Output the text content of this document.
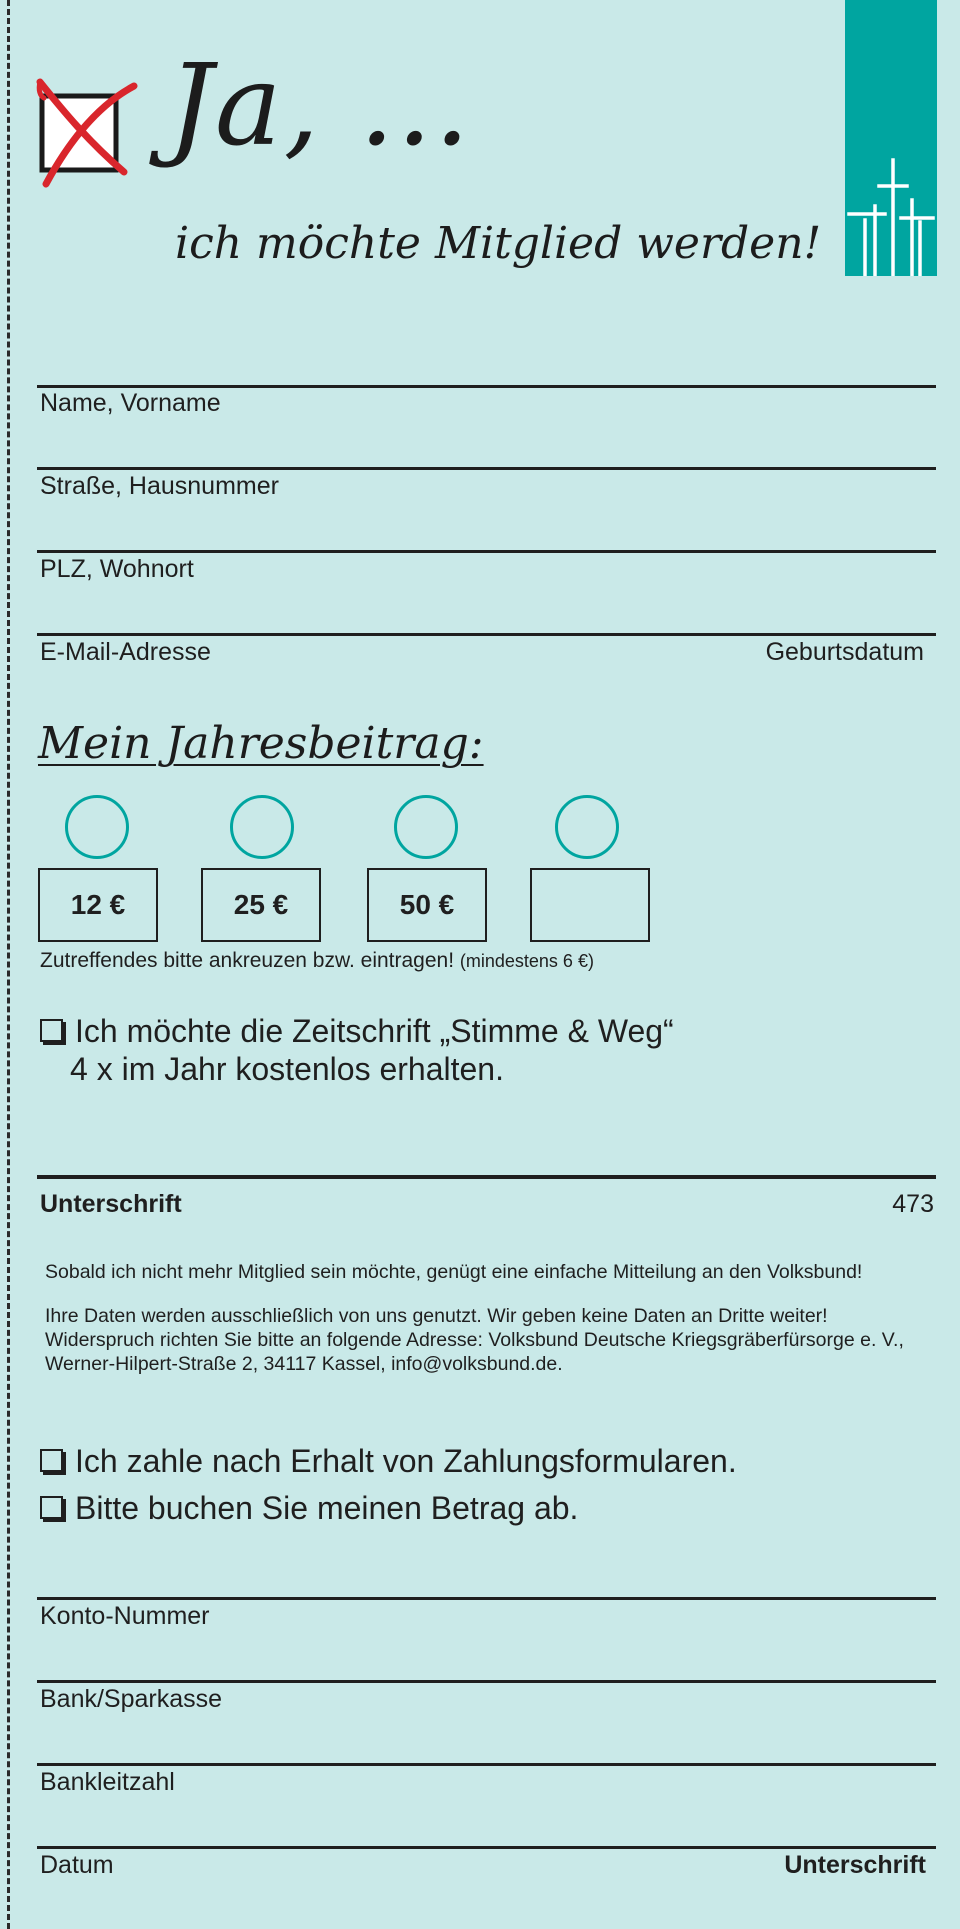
Ja, ...
ich möchte Mitglied werden!
Name, Vorname
Straße, Hausnummer
PLZ, Wohnort
E-Mail-Adresse	Geburtsdatum
Mein Jahresbeitrag:
12 €	25 €	50 €
Zutreffendes bitte ankreuzen bzw. eintragen! (mindestens 6 €)
Ich möchte die Zeitschrift „Stimme & Weg“
4 x im Jahr kostenlos erhalten.
Unterschrift	473
Sobald ich nicht mehr Mitglied sein möchte, genügt eine einfache Mitteilung an den Volksbund!
Ihre Daten werden ausschließlich von uns genutzt. Wir geben keine Daten an Dritte weiter!
Widerspruch richten Sie bitte an folgende Adresse: Volksbund Deutsche Kriegsgräberfürsorge e. V.,
Werner-Hilpert-Straße 2, 34117 Kassel, info@volksbund.de.
Ich zahle nach Erhalt von Zahlungsformularen.
Bitte buchen Sie meinen Betrag ab.
Konto-Nummer
Bank/Sparkasse
Bankleitzahl
Datum	Unterschrift
